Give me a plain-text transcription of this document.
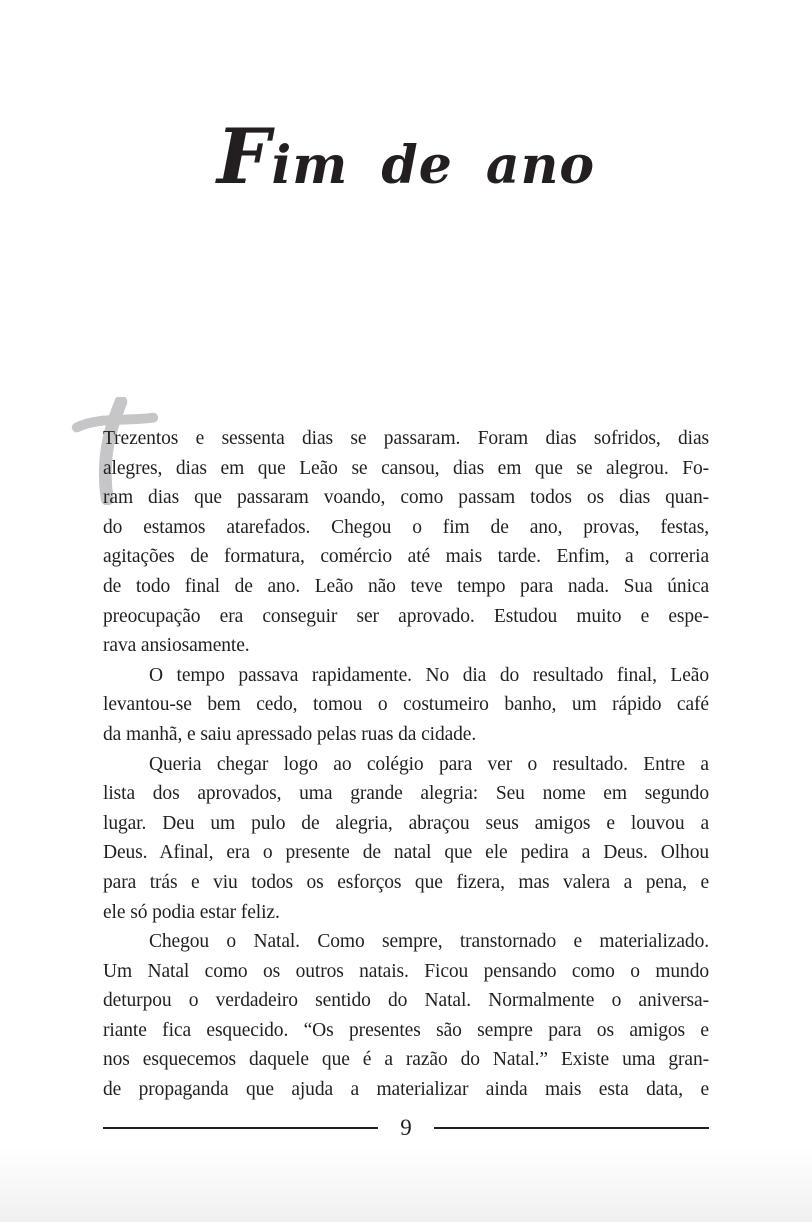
Fim de ano
Trezentos e sessenta dias se passaram. Foram dias sofridos, dias
alegres, dias em que Leão se cansou, dias em que se alegrou. Fo-
ram dias que passaram voando, como passam todos os dias quan-
do estamos atarefados. Chegou o fim de ano, provas, festas,
agitações de formatura, comércio até mais tarde. Enfim, a correria
de todo final de ano. Leão não teve tempo para nada. Sua única
preocupação era conseguir ser aprovado. Estudou muito e espe-
rava ansiosamente.
O tempo passava rapidamente. No dia do resultado final, Leão
levantou-se bem cedo, tomou o costumeiro banho, um rápido café
da manhã, e saiu apressado pelas ruas da cidade.
Queria chegar logo ao colégio para ver o resultado. Entre a
lista dos aprovados, uma grande alegria: Seu nome em segundo
lugar. Deu um pulo de alegria, abraçou seus amigos e louvou a
Deus. Afinal, era o presente de natal que ele pedira a Deus. Olhou
para trás e viu todos os esforços que fizera, mas valera a pena, e
ele só podia estar feliz.
Chegou o Natal. Como sempre, transtornado e materializado.
Um Natal como os outros natais. Ficou pensando como o mundo
deturpou o verdadeiro sentido do Natal. Normalmente o aniversa-
riante fica esquecido. “Os presentes são sempre para os amigos e
nos esquecemos daquele que é a razão do Natal.” Existe uma gran-
de propaganda que ajuda a materializar ainda mais esta data, e
9
